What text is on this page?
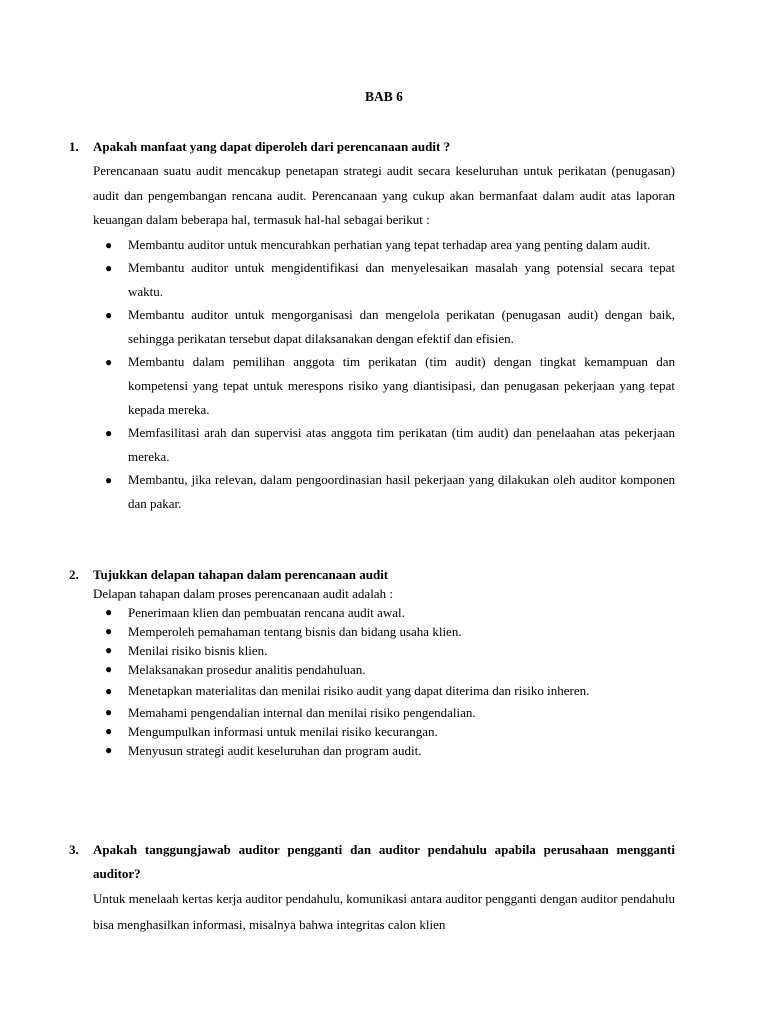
BAB 6
1.	Apakah manfaat yang dapat diperoleh dari perencanaan audit ?
Perencanaan suatu audit mencakup penetapan strategi audit secara keseluruhan untuk perikatan (penugasan) audit dan pengembangan rencana audit. Perencanaan yang cukup akan bermanfaat dalam audit atas laporan keuangan dalam beberapa hal, termasuk hal-hal sebagai berikut :
● Membantu auditor untuk mencurahkan perhatian yang tepat terhadap area yang penting dalam audit.
● Membantu auditor untuk mengidentifikasi dan menyelesaikan masalah yang potensial secara tepat waktu.
● Membantu auditor untuk mengorganisasi dan mengelola perikatan (penugasan audit) dengan baik, sehingga perikatan tersebut dapat dilaksanakan dengan efektif dan efisien.
● Membantu dalam pemilihan anggota tim perikatan (tim audit) dengan tingkat kemampuan dan kompetensi yang tepat untuk merespons risiko yang diantisipasi, dan penugasan pekerjaan yang tepat kepada mereka.
● Memfasilitasi arah dan supervisi atas anggota tim perikatan (tim audit) dan penelaahan atas pekerjaan mereka.
● Membantu, jika relevan, dalam pengoordinasian hasil pekerjaan yang dilakukan oleh auditor komponen dan pakar.
2.	Tujukkan delapan tahapan dalam perencanaan audit
Delapan tahapan dalam proses perencanaan audit adalah :
● Penerimaan klien dan pembuatan rencana audit awal.
● Memperoleh pemahaman tentang bisnis dan bidang usaha klien.
● Menilai risiko bisnis klien.
● Melaksanakan prosedur analitis pendahuluan.
● Menetapkan materialitas dan menilai risiko audit yang dapat diterima dan risiko inheren.
● Memahami pengendalian internal dan menilai risiko pengendalian.
● Mengumpulkan informasi untuk menilai risiko kecurangan.
● Menyusun strategi audit keseluruhan dan program audit.
3.	Apakah tanggungjawab auditor pengganti dan auditor pendahulu apabila perusahaan mengganti auditor?
Untuk menelaah kertas kerja auditor pendahulu, komunikasi antara auditor pengganti dengan auditor pendahulu bisa menghasilkan informasi, misalnya bahwa integritas calon klien
